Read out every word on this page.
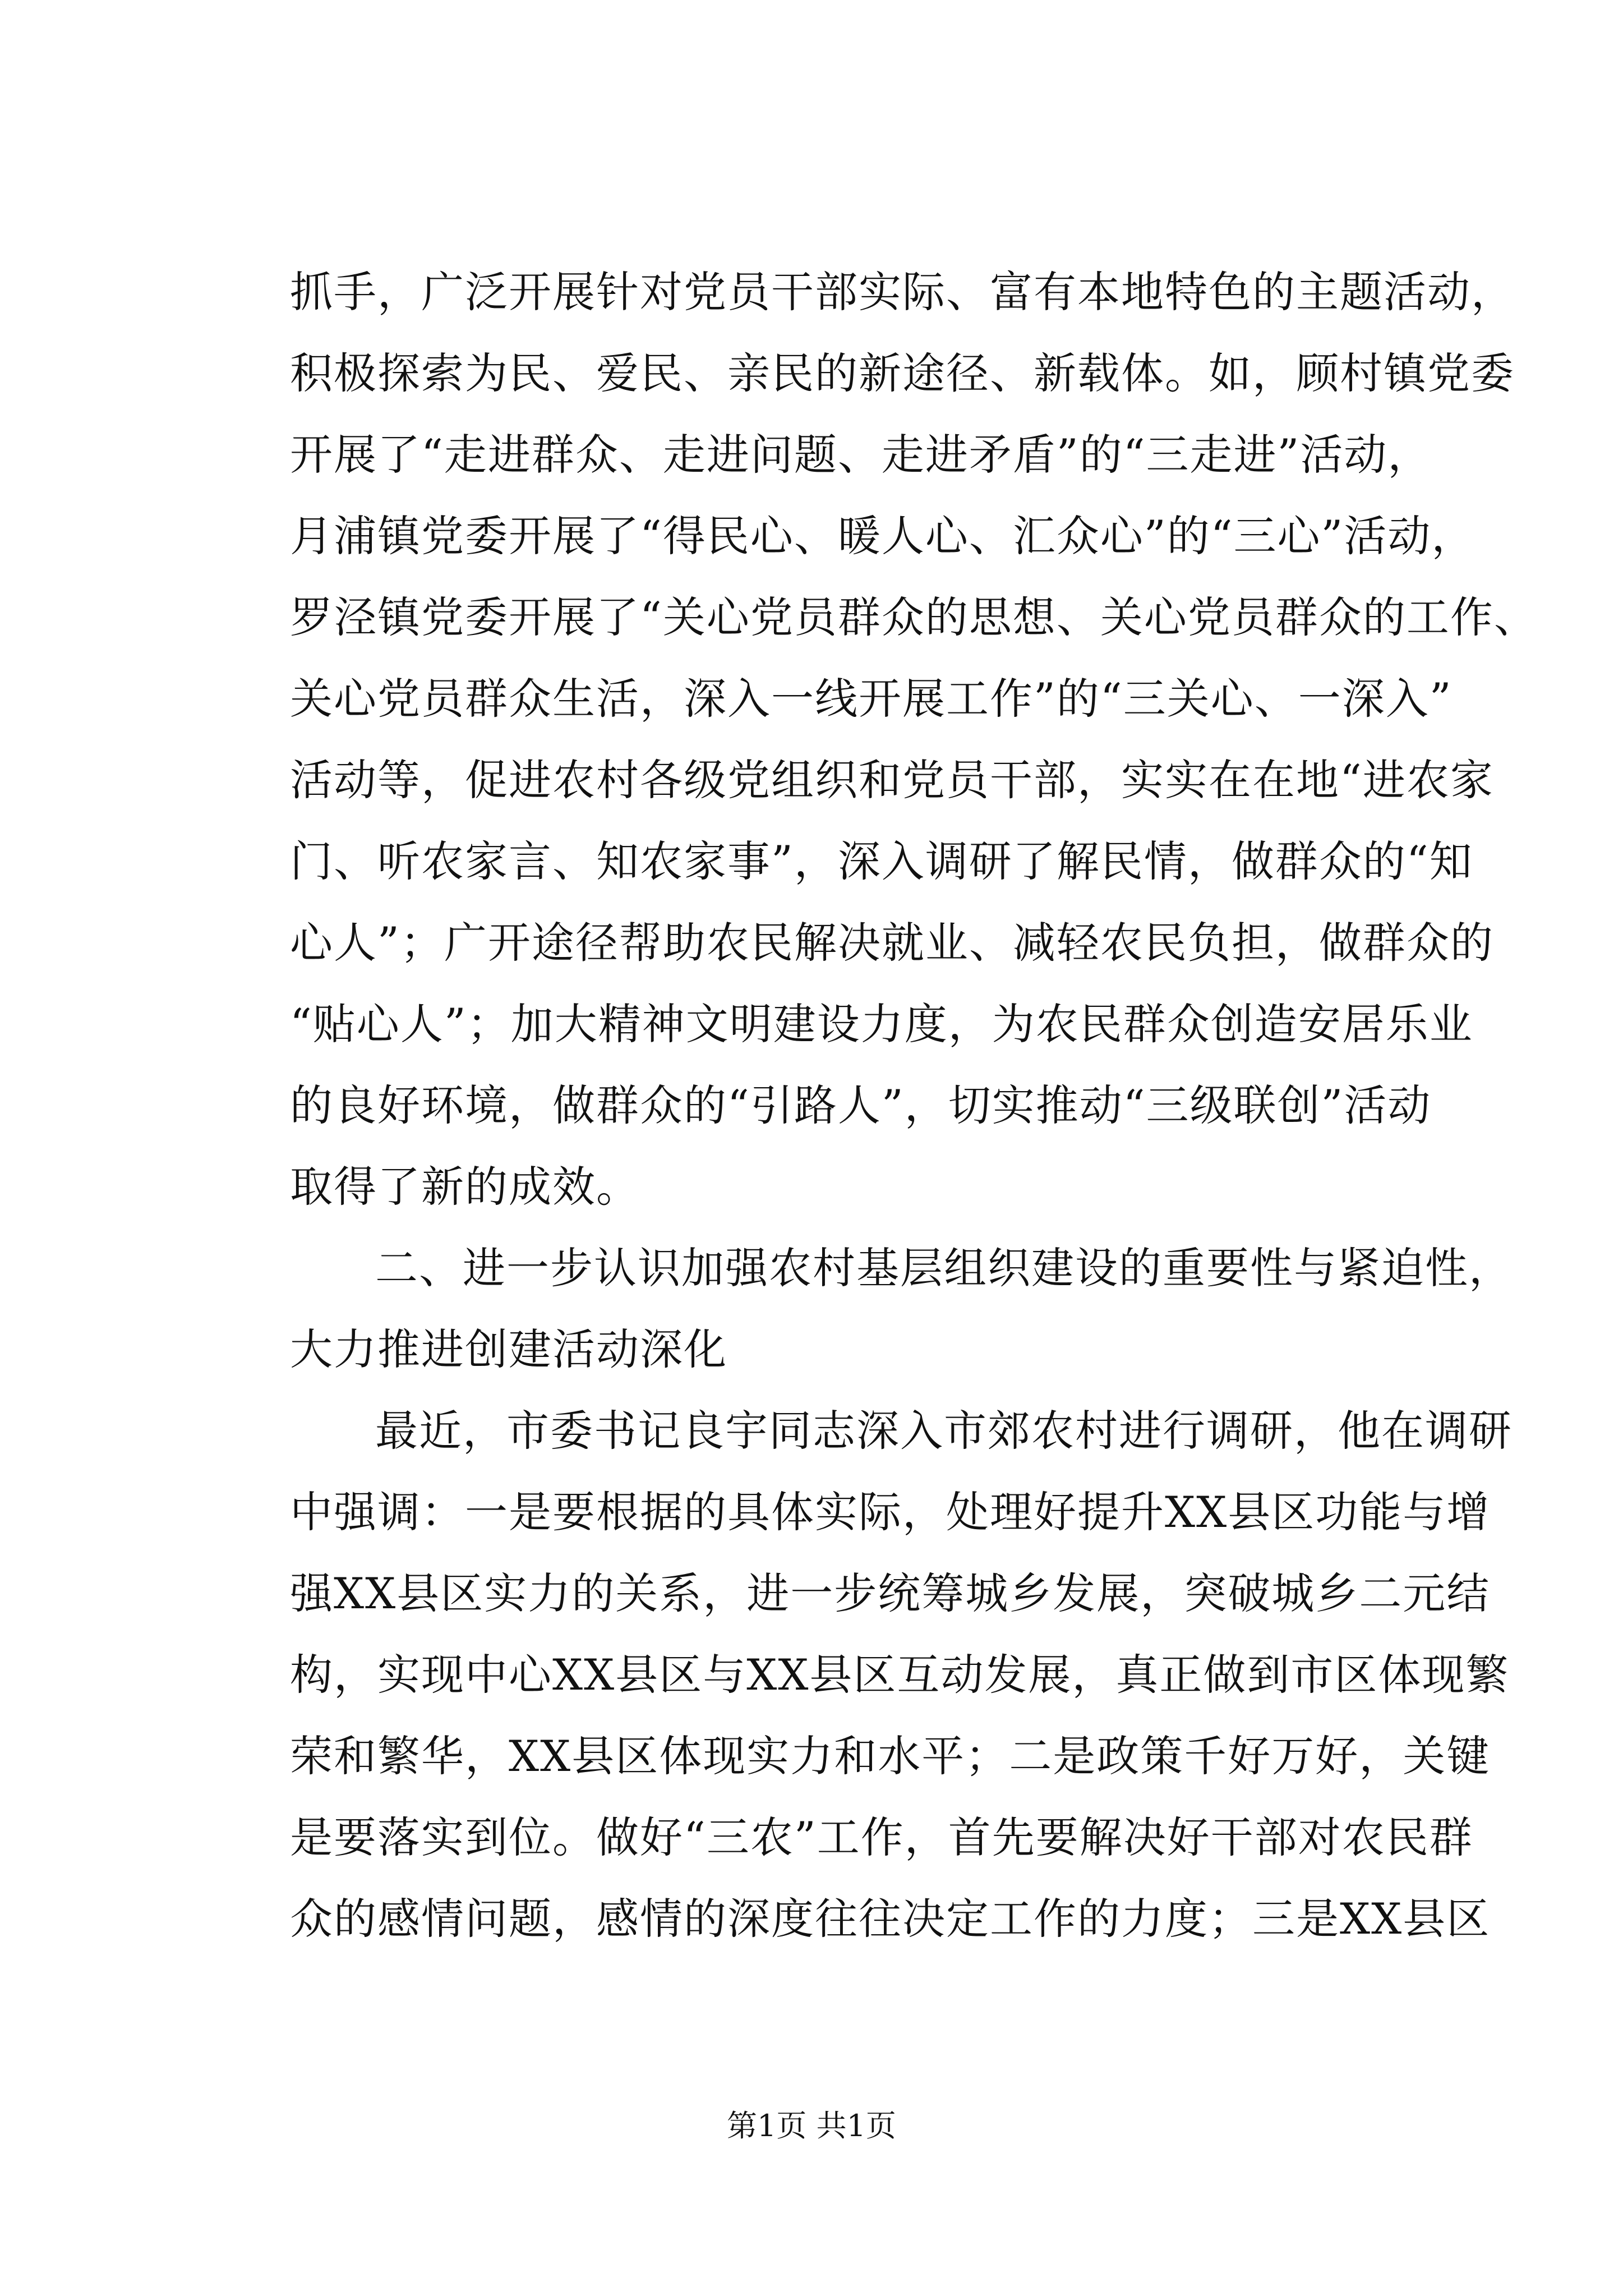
抓手，广泛开展针对党员干部实际、富有本地特色的主题活动，
积极探索为民、爱民、亲民的新途径、新载体。如，顾村镇党委
开展了“走进群众、走进问题、走进矛盾”的“三走进”活动，
月浦镇党委开展了“得民心、暖人心、汇众心”的“三心”活动，
罗泾镇党委开展了“关心党员群众的思想、关心党员群众的工作、
关心党员群众生活，深入一线开展工作”的“三关心、一深入”
活动等，促进农村各级党组织和党员干部，实实在在地“进农家
门、听农家言、知农家事”，深入调研了解民情，做群众的“知
心人”；广开途径帮助农民解决就业、减轻农民负担，做群众的
“贴心人”；加大精神文明建设力度，为农民群众创造安居乐业
的良好环境，做群众的“引路人”，切实推动“三级联创”活动
取得了新的成效。
二、进一步认识加强农村基层组织建设的重要性与紧迫性，
大力推进创建活动深化
最近，市委书记良宇同志深入市郊农村进行调研，他在调研
中强调：一是要根据的具体实际，处理好提升XX县区功能与增
强XX县区实力的关系，进一步统筹城乡发展，突破城乡二元结
构，实现中心XX县区与XX县区互动发展，真正做到市区体现繁
荣和繁华，XX县区体现实力和水平；二是政策千好万好，关键
是要落实到位。做好“三农”工作，首先要解决好干部对农民群
众的感情问题，感情的深度往往决定工作的力度；三是XX县区
第1页 共1页
